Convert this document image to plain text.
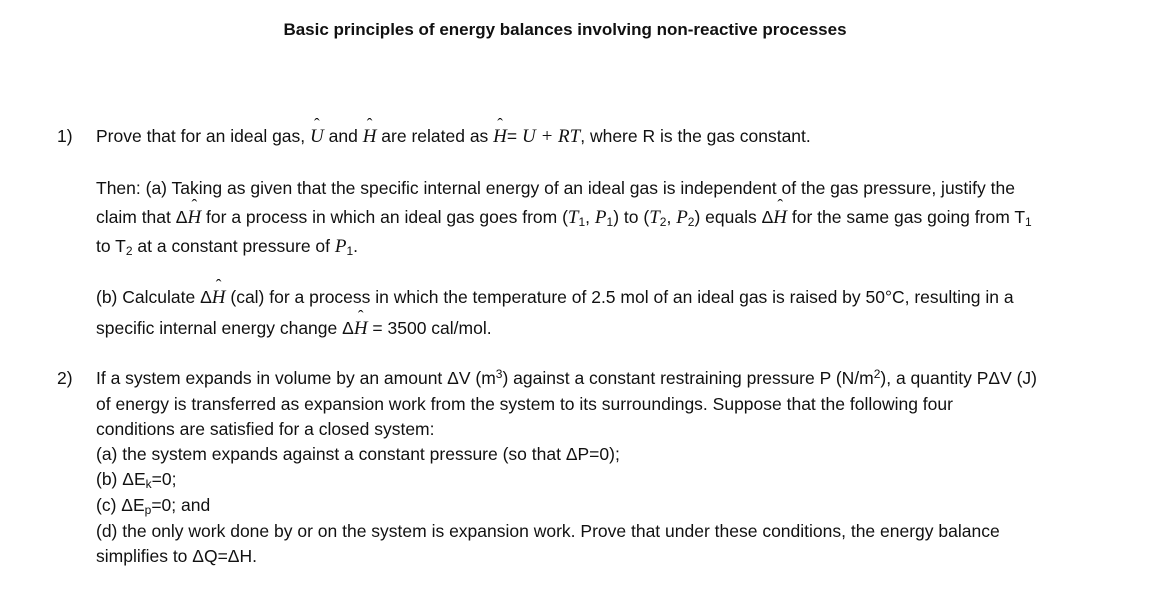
Basic principles of energy balances involving non-reactive processes
1) Prove that for an ideal gas, ˆ U and ˆ H are related as ˆ H= U + RT, where R is the gas constant.
Then: (a) Taking as given that the specific internal energy of an ideal gas is independent of the gas pressure, justify the
claim that Δˆ H for a process in which an ideal gas goes from ($T_1$, $P_1$) to ($T_2$, $P_2$) equals Δˆ H for the same gas going from $T_1$
to $T_2$ at a constant pressure of $P_1$.
(b) Calculate Δˆ H (cal) for a process in which the temperature of 2.5 mol of an ideal gas is raised by 50°C, resulting in a
specific internal energy change Δˆ H = 3500 cal/mol.
2) If a system expands in volume by an amount ΔV $(m^3)$ against a constant restraining pressure P $(N/m^2)$, a quantity PΔV (J)
of energy is transferred as expansion work from the system to its surroundings. Suppose that the following four
conditions are satisfied for a closed system:
(a) the system expands against a constant pressure (so that ΔP=0);
(b) $\Delta E_k=0$;
(c) $\Delta E_p=0$; and
(d) the only work done by or on the system is expansion work. Prove that under these conditions, the energy balance
simplifies to ΔQ=ΔH.
